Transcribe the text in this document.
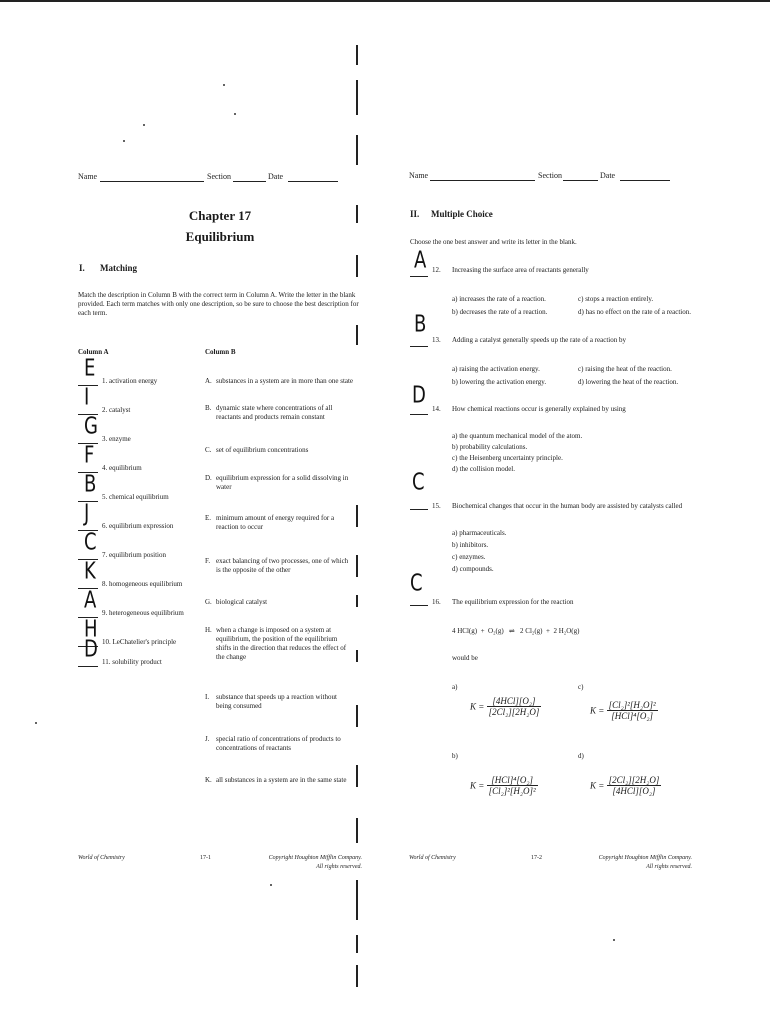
Name	Section	Date
Chapter 17
Equilibrium
I. Matching
Match the description in Column B with the correct term in Column A. Write the letter in the blank
provided. Each term matches with only one description, so be sure to choose the best description for
each term.
Column A	Column B
E 1. activation energy
I 2. catalyst
G 3. enzyme
F 4. equilibrium
B 5. chemical equilibrium
J 6. equilibrium expression
C 7. equilibrium position
K 8. homogeneous equilibrium
A 9. heterogeneous equilibrium
H 10. LeChatelier's principle
D 11. solubility product
A. substances in a system are in more than one state
B. dynamic state where concentrations of all
reactants and products remain constant
C. set of equilibrium concentrations
D. equilibrium expression for a solid dissolving in
water
E. minimum amount of energy required for a
reaction to occur
F. exact balancing of two processes, one of which
is the opposite of the other
G. biological catalyst
H. when a change is imposed on a system at
equilibrium, the position of the equilibrium
shifts in the direction that reduces the effect of
the change
I. substance that speeds up a reaction without
being consumed
J. special ratio of concentrations of products to
concentrations of reactants
K. all substances in a system are in the same state
World of Chemistry	17-1	Copyright Houghton Mifflin Company.
All rights reserved.
Name	Section	Date
II. Multiple Choice
Choose the one best answer and write its letter in the blank.
A 12. Increasing the surface area of reactants generally
a) increases the rate of a reaction.
b) decreases the rate of a reaction.
c) stops a reaction entirely.
d) has no effect on the rate of a reaction.
B
13. Adding a catalyst generally speeds up the rate of a reaction by
a) raising the activation energy.
b) lowering the activation energy.
c) raising the heat of the reaction.
d) lowering the heat of the reaction.
D 14. How chemical reactions occur is generally explained by using
a) the quantum mechanical model of the atom.
b) probability calculations.
c) the Heisenberg uncertainty principle.
d) the collision model.
C
15. Biochemical changes that occur in the human body are assisted by catalysts called
a) pharmaceuticals.
b) inhibitors.
c) enzymes.
d) compounds.
C
16. The equilibrium expression for the reaction
4 HCl(g)  +  O₂(g)   ⇌   2 Cl₂(g)  +  2 H₂O(g)
would be
a)
$K = \frac{\text{[4HCl][O₂]}}{\text{[2Cl₂][2H₂O]}}$
c)
$K = \frac{\text{[Cl₂]²[H₂O]²}}{\text{[HCl]⁴[O₂]}}$
b)
$K = \frac{\text{[HCl]⁴[O₂]}}{\text{[Cl₂]²[H₂O]²}}$
d)
$K = \frac{\text{[2Cl₂][2H₂O]}}{\text{[4HCl][O₂]}}$
World of Chemistry	17-2	Copyright Houghton Mifflin Company.
All rights reserved.
